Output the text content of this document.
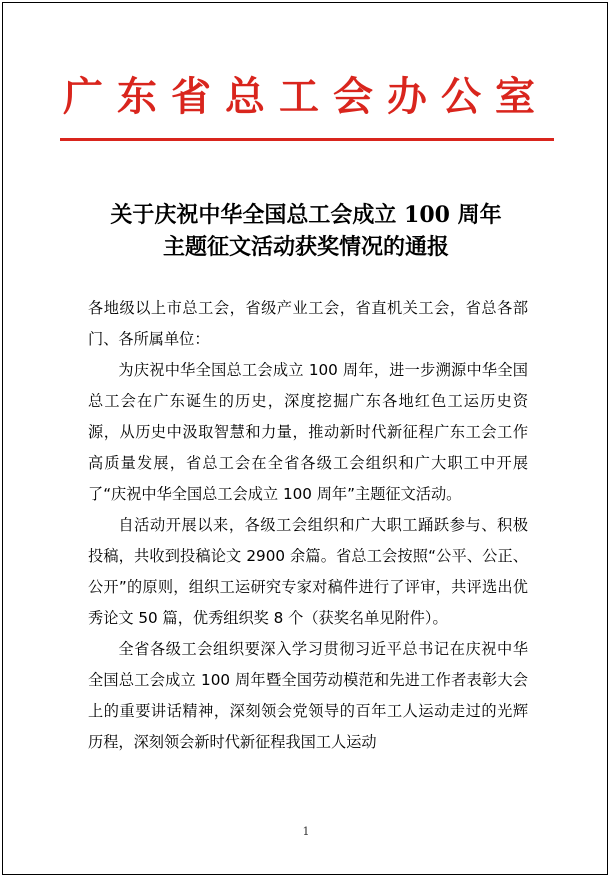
广东省总工会办公室
关于庆祝中华全国总工会成立 100 周年
主题征文活动获奖情况的通报

各地级以上市总工会，省级产业工会，省直机关工会，省总各部门、各所属单位：

为庆祝中华全国总工会成立 100 周年，进一步溯源中华全国总工会在广东诞生的历史，深度挖掘广东各地红色工运历史资源，从历史中汲取智慧和力量，推动新时代新征程广东工会工作高质量发展，省总工会在全省各级工会组织和广大职工中开展了“庆祝中华全国总工会成立 100 周年”主题征文活动。

自活动开展以来，各级工会组织和广大职工踊跃参与、积极投稿，共收到投稿论文 2900 余篇。省总工会按照“公平、公正、公开”的原则，组织工运研究专家对稿件进行了评审，共评选出优秀论文 50 篇，优秀组织奖 8 个（获奖名单见附件）。

全省各级工会组织要深入学习贯彻习近平总书记在庆祝中华全国总工会成立 100 周年暨全国劳动模范和先进工作者表彰大会上的重要讲话精神，深刻领会党领导的百年工人运动走过的光辉历程，深刻领会新时代新征程我国工人运动

1
